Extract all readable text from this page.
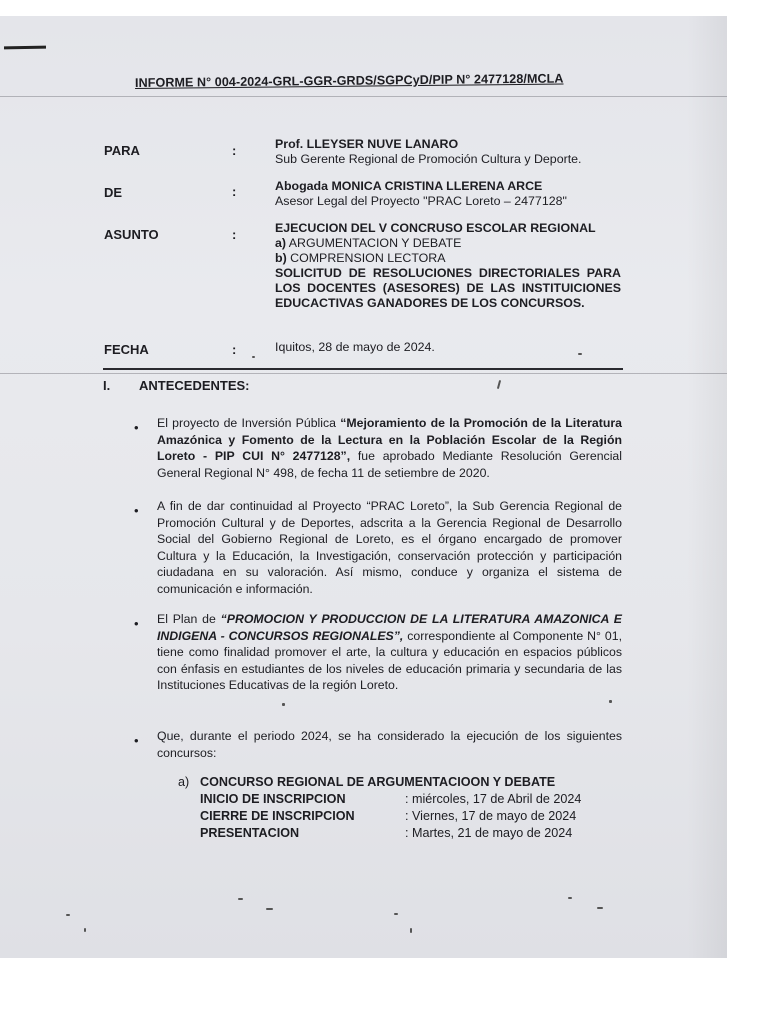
INFORME N° 004-2024-GRL-GGR-GRDS/SGPCyD/PIP N° 2477128/MCLA
PARA	:	Prof. LLEYSER NUVE LANARO
Sub Gerente Regional de Promoción Cultura y Deporte.
DE	:	Abogada MONICA CRISTINA LLERENA ARCE
Asesor Legal del Proyecto "PRAC Loreto – 2477128"
ASUNTO	:	EJECUCION DEL V CONCRUSO ESCOLAR REGIONAL
a) ARGUMENTACION Y DEBATE
b) COMPRENSION LECTORA
SOLICITUD DE RESOLUCIONES DIRECTORIALES PARA LOS DOCENTES (ASESORES) DE LAS INSTITUICIONES EDUCACTIVAS GANADORES DE LOS CONCURSOS.
FECHA	:	Iquitos, 28 de mayo de 2024.
I. ANTECEDENTES:
• El proyecto de Inversión Pública “Mejoramiento de la Promoción de la Literatura Amazónica y Fomento de la Lectura en la Población Escolar de la Región Loreto - PIP CUI N° 2477128”, fue aprobado Mediante Resolución Gerencial General Regional N° 498, de fecha 11 de setiembre de 2020.
• A fin de dar continuidad al Proyecto “PRAC Loreto”, la Sub Gerencia Regional de Promoción Cultural y de Deportes, adscrita a la Gerencia Regional de Desarrollo Social del Gobierno Regional de Loreto, es el órgano encargado de promover Cultura y la Educación, la Investigación, conservación protección y participación ciudadana en su valoración. Así mismo, conduce y organiza el sistema de comunicación e información.
• El Plan de “PROMOCION Y PRODUCCION DE LA LITERATURA AMAZONICA E INDIGENA - CONCURSOS REGIONALES”, correspondiente al Componente N° 01, tiene como finalidad promover el arte, la cultura y educación en espacios públicos con énfasis en estudiantes de los niveles de educación primaria y secundaria de las Instituciones Educativas de la región Loreto.
• Que, durante el periodo 2024, se ha considerado la ejecución de los siguientes concursos:
a) CONCURSO REGIONAL DE ARGUMENTACIOON Y DEBATE
INICIO DE INSCRIPCION	: miércoles, 17 de Abril de 2024
CIERRE DE INSCRIPCION	: Viernes, 17 de mayo de 2024
PRESENTACION	: Martes, 21 de mayo de 2024
